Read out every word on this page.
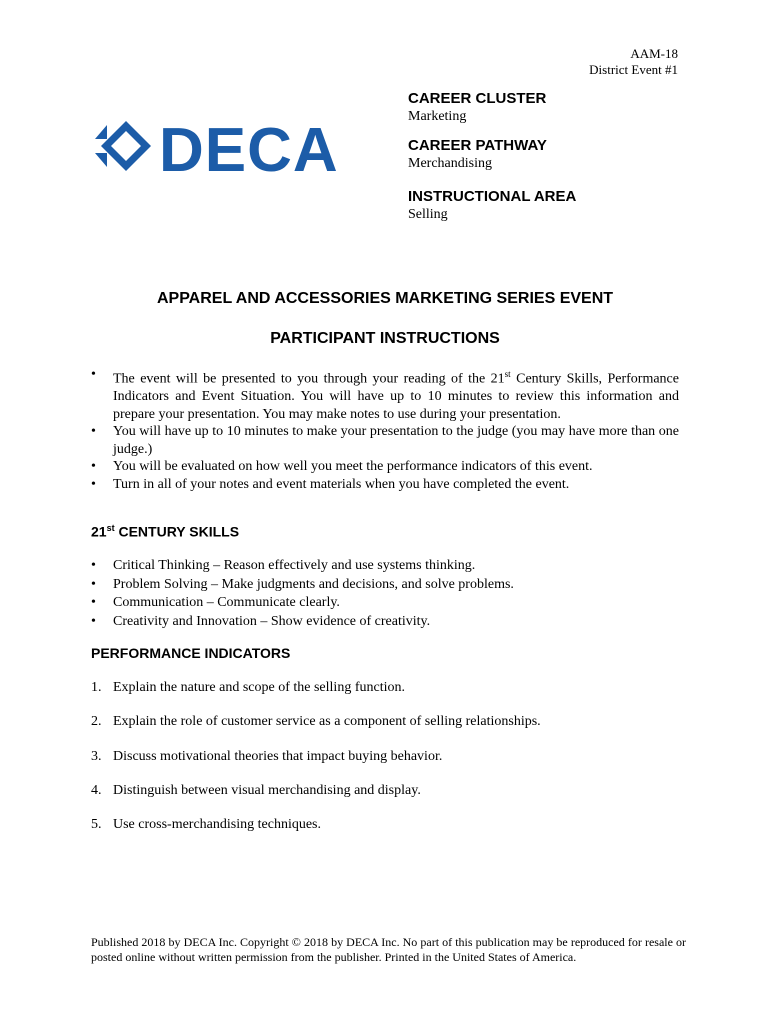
AAM-18
District Event #1
DECA

CAREER CLUSTER

Marketing

CAREER PATHWAY

Merchandising

INSTRUCTIONAL AREA

Selling

APPAREL AND ACCESSORIES MARKETING SERIES EVENT
PARTICIPANT INSTRUCTIONS
• The event will be presented to you through your reading of the 21st Century Skills, Performance Indicators and Event Situation. You will have up to 10 minutes to review this information and prepare your presentation. You may make notes to use during your presentation.
• You will have up to 10 minutes to make your presentation to the judge (you may have more than one judge.)
• You will be evaluated on how well you meet the performance indicators of this event.
• Turn in all of your notes and event materials when you have completed the event.
21st CENTURY SKILLS
• Critical Thinking – Reason effectively and use systems thinking.
• Problem Solving – Make judgments and decisions, and solve problems.
• Communication – Communicate clearly.
• Creativity and Innovation – Show evidence of creativity.
PERFORMANCE INDICATORS
1. Explain the nature and scope of the selling function.
2. Explain the role of customer service as a component of selling relationships.
3. Discuss motivational theories that impact buying behavior.
4. Distinguish between visual merchandising and display.
5. Use cross-merchandising techniques.
Published 2018 by DECA Inc. Copyright © 2018 by DECA Inc. No part of this publication may be reproduced for resale or posted online without written permission from the publisher. Printed in the United States of America.
